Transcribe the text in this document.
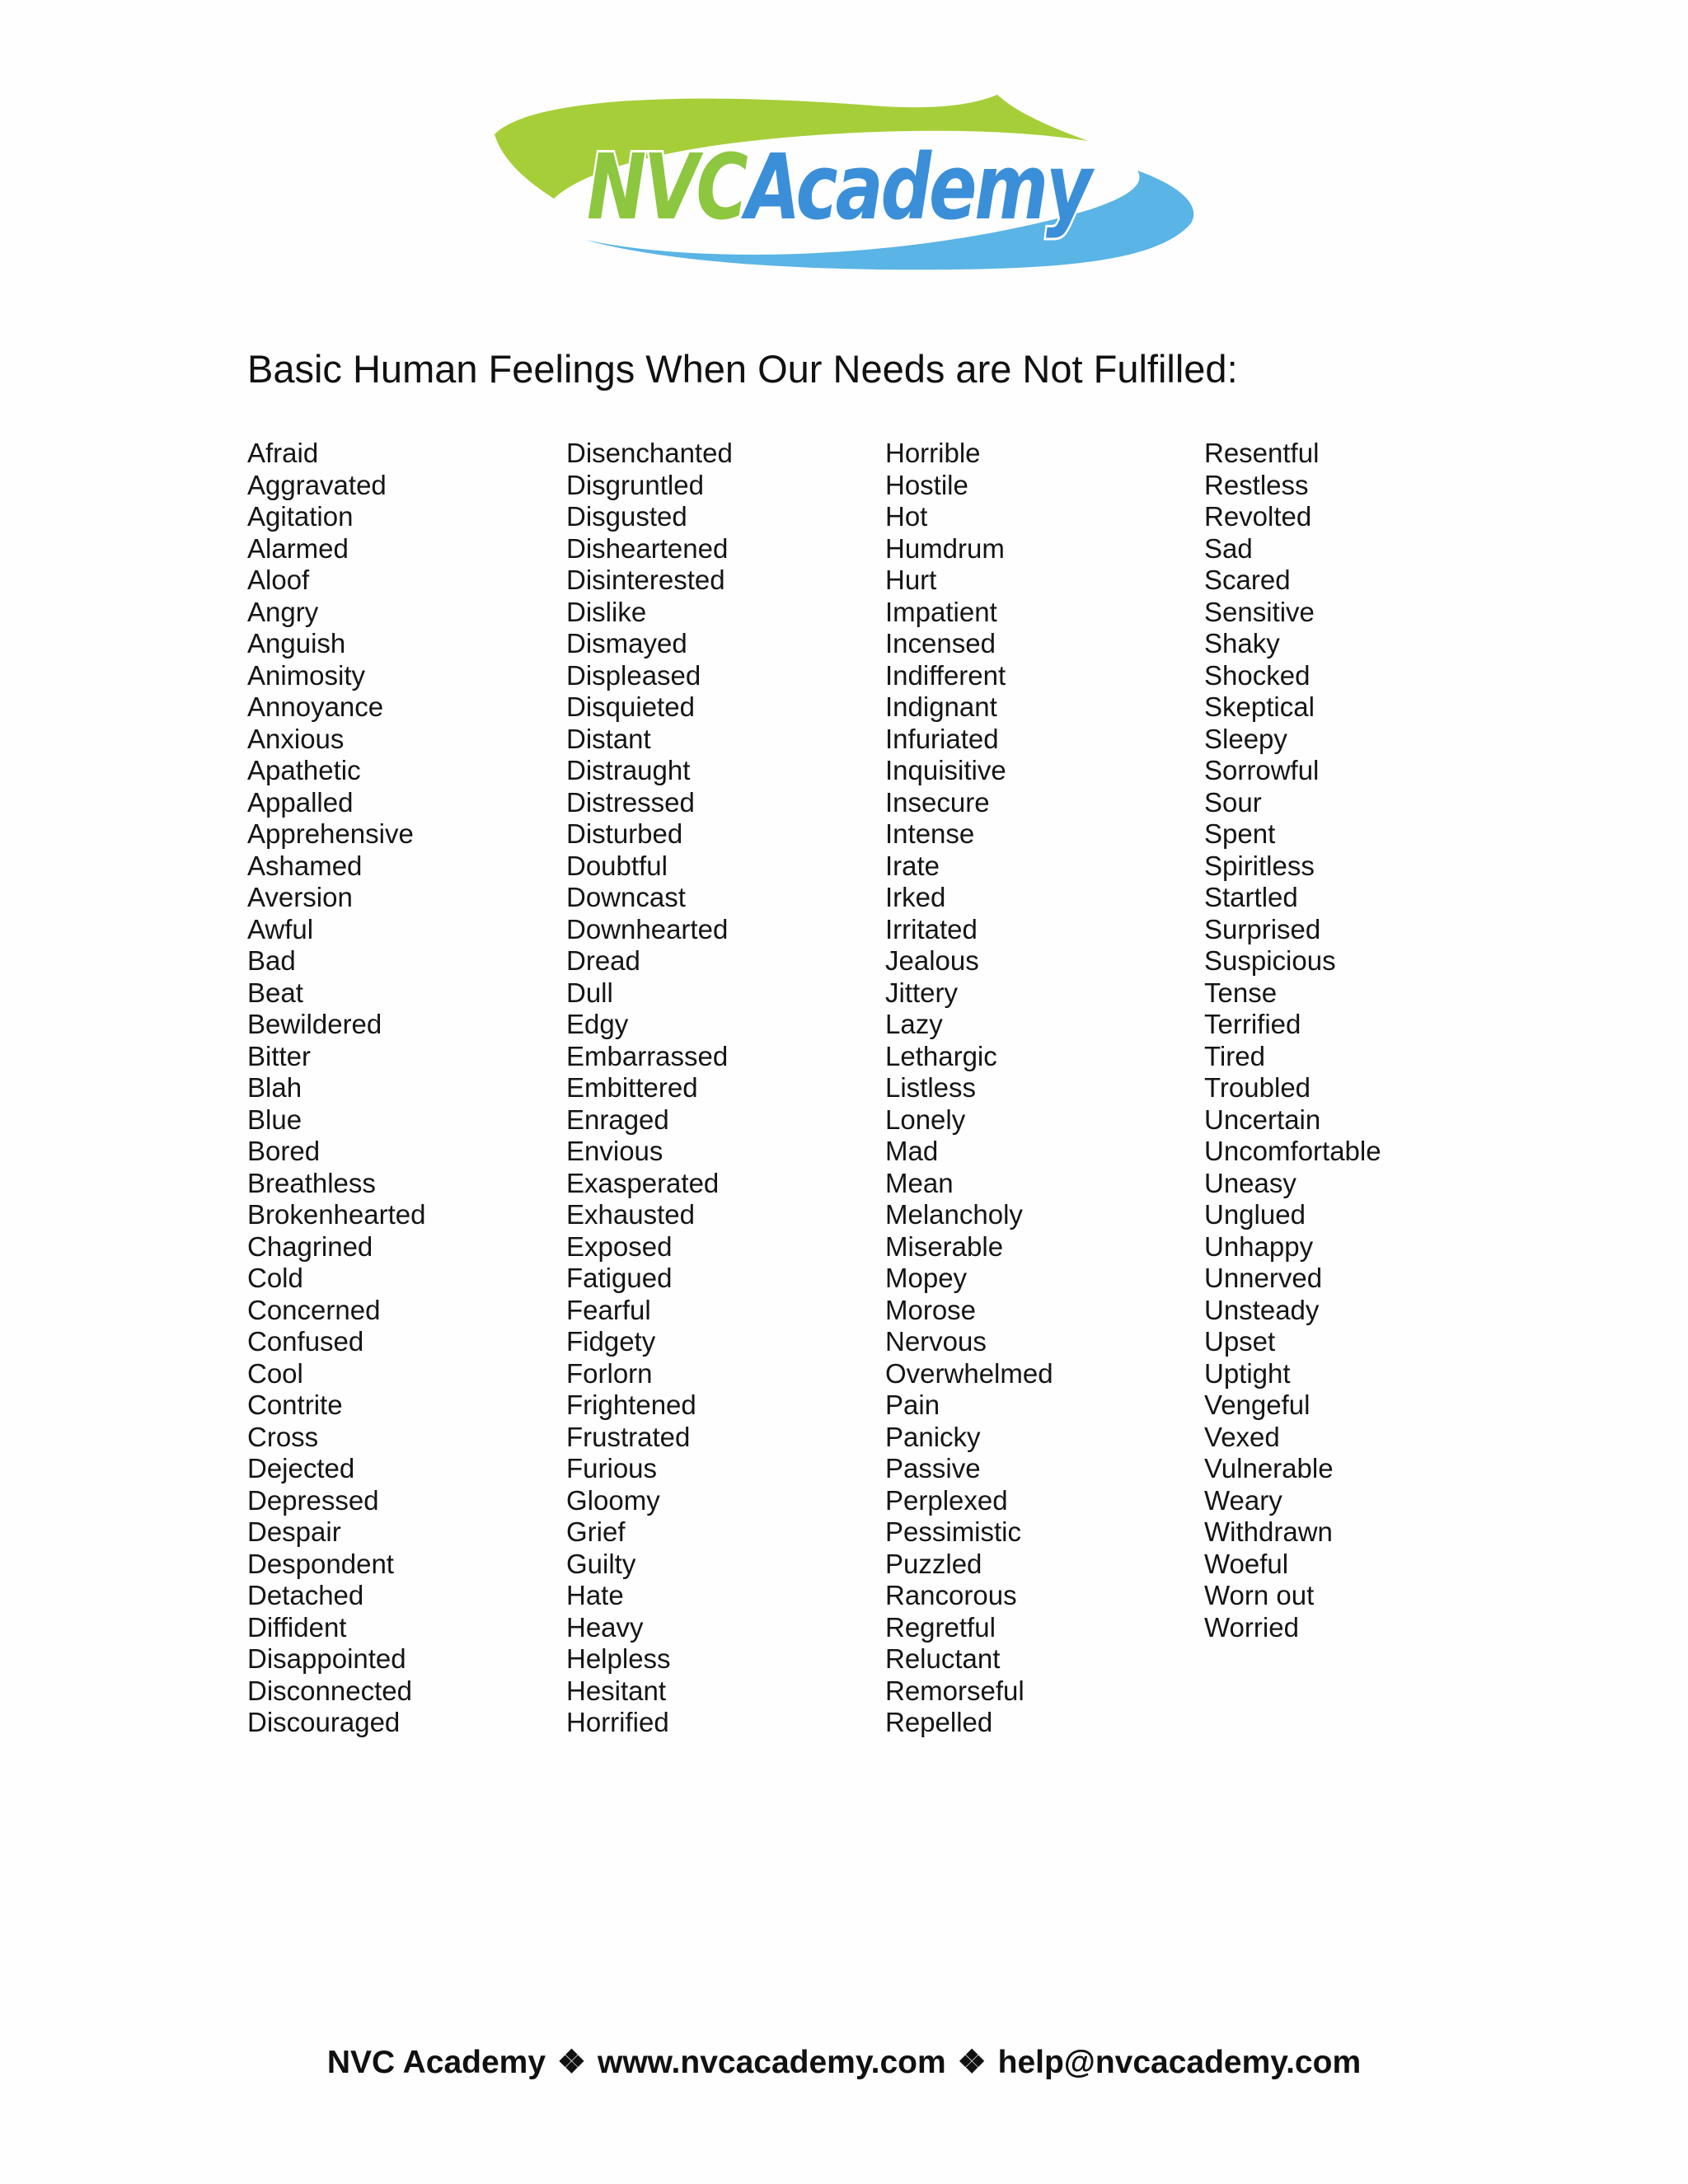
NVCAcademy
Basic Human Feelings When Our Needs are Not Fulfilled:
Afraid
Aggravated
Agitation
Alarmed
Aloof
Angry
Anguish
Animosity
Annoyance
Anxious
Apathetic
Appalled
Apprehensive
Ashamed
Aversion
Awful
Bad
Beat
Bewildered
Bitter
Blah
Blue
Bored
Breathless
Brokenhearted
Chagrined
Cold
Concerned
Confused
Cool
Contrite
Cross
Dejected
Depressed
Despair
Despondent
Detached
Diffident
Disappointed
Disconnected
Discouraged
Disenchanted
Disgruntled
Disgusted
Disheartened
Disinterested
Dislike
Dismayed
Displeased
Disquieted
Distant
Distraught
Distressed
Disturbed
Doubtful
Downcast
Downhearted
Dread
Dull
Edgy
Embarrassed
Embittered
Enraged
Envious
Exasperated
Exhausted
Exposed
Fatigued
Fearful
Fidgety
Forlorn
Frightened
Frustrated
Furious
Gloomy
Grief
Guilty
Hate
Heavy
Helpless
Hesitant
Horrified
Horrible
Hostile
Hot
Humdrum
Hurt
Impatient
Incensed
Indifferent
Indignant
Infuriated
Inquisitive
Insecure
Intense
Irate
Irked
Irritated
Jealous
Jittery
Lazy
Lethargic
Listless
Lonely
Mad
Mean
Melancholy
Miserable
Mopey
Morose
Nervous
Overwhelmed
Pain
Panicky
Passive
Perplexed
Pessimistic
Puzzled
Rancorous
Regretful
Reluctant
Remorseful
Repelled
Resentful
Restless
Revolted
Sad
Scared
Sensitive
Shaky
Shocked
Skeptical
Sleepy
Sorrowful
Sour
Spent
Spiritless
Startled
Surprised
Suspicious
Tense
Terrified
Tired
Troubled
Uncertain
Uncomfortable
Uneasy
Unglued
Unhappy
Unnerved
Unsteady
Upset
Uptight
Vengeful
Vexed
Vulnerable
Weary
Withdrawn
Woeful
Worn out
Worried
NVC Academy ❖ www.nvcacademy.com ❖ help@nvcacademy.com
